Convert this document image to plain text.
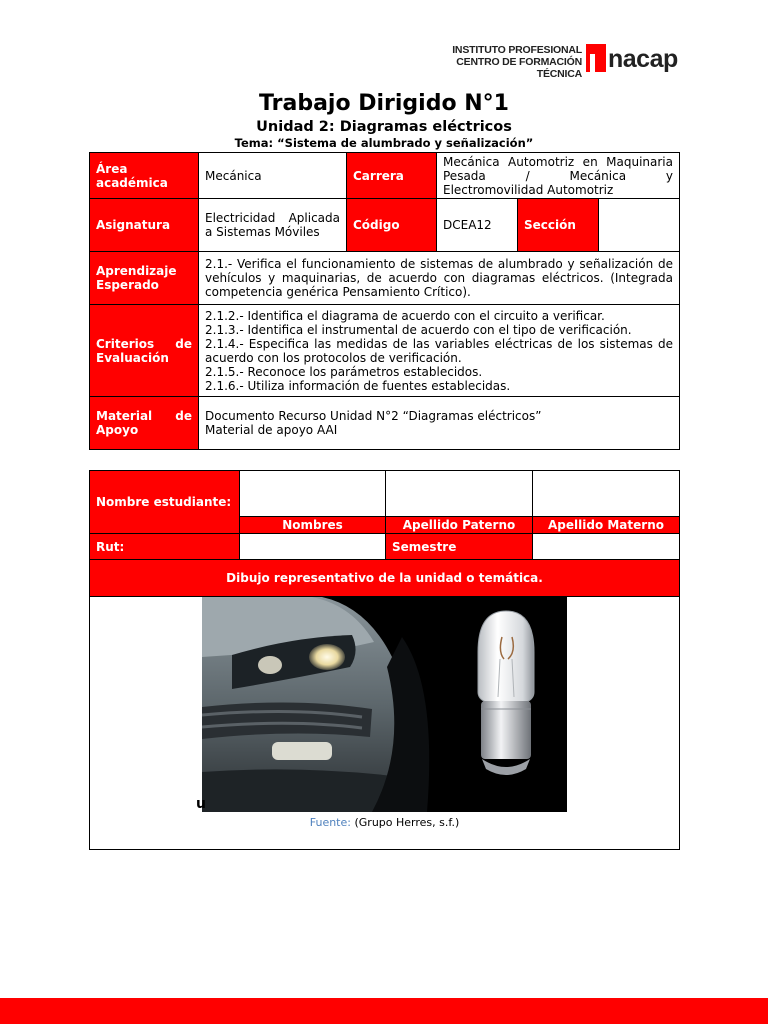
INSTITUTO PROFESIONAL
CENTRO DE FORMACIÓN TÉCNICA
nacap
Trabajo Dirigido N°1
Unidad 2: Diagramas eléctricos
Tema: “Sistema de alumbrado y señalización”
Área académica	Mecánica	Carrera	Mecánica Automotriz en Maquinaria
Pesada / Mecánica y
Electromovilidad Automotriz		

Asignatura	Electricidad Aplicada a Sistemas Móviles	Código	DCEA12	Sección	
Aprendizaje Esperado	2.1.- Verifica el funcionamiento de sistemas de alumbrado y señalización de vehículos y maquinarias, de acuerdo con diagramas eléctricos. (Integrada competencia genérica Pensamiento Crítico).				
Criterios de Evaluación	2.1.2.- Identifica el diagrama de acuerdo con el circuito a verificar.
2.1.3.- Identifica el instrumental de acuerdo con el tipo de verificación.
2.1.4.- Especifica las medidas de las variables eléctricas de los sistemas de acuerdo con los protocolos de verificación.
2.1.5.- Reconoce los parámetros establecidos.
2.1.6.- Utiliza información de fuentes establecidas.				

Material de Apoyo	Documento Recurso Unidad N°2 “Diagramas eléctricos”
Material de apoyo AAI				
Nombre estudiante:			
	Nombres	Apellido Paterno	Apellido Materno
Rut:		Semestre	
Dibujo representativo de la unidad o temática.			

u
Fuente: (Grupo Herres, s.f.)			
